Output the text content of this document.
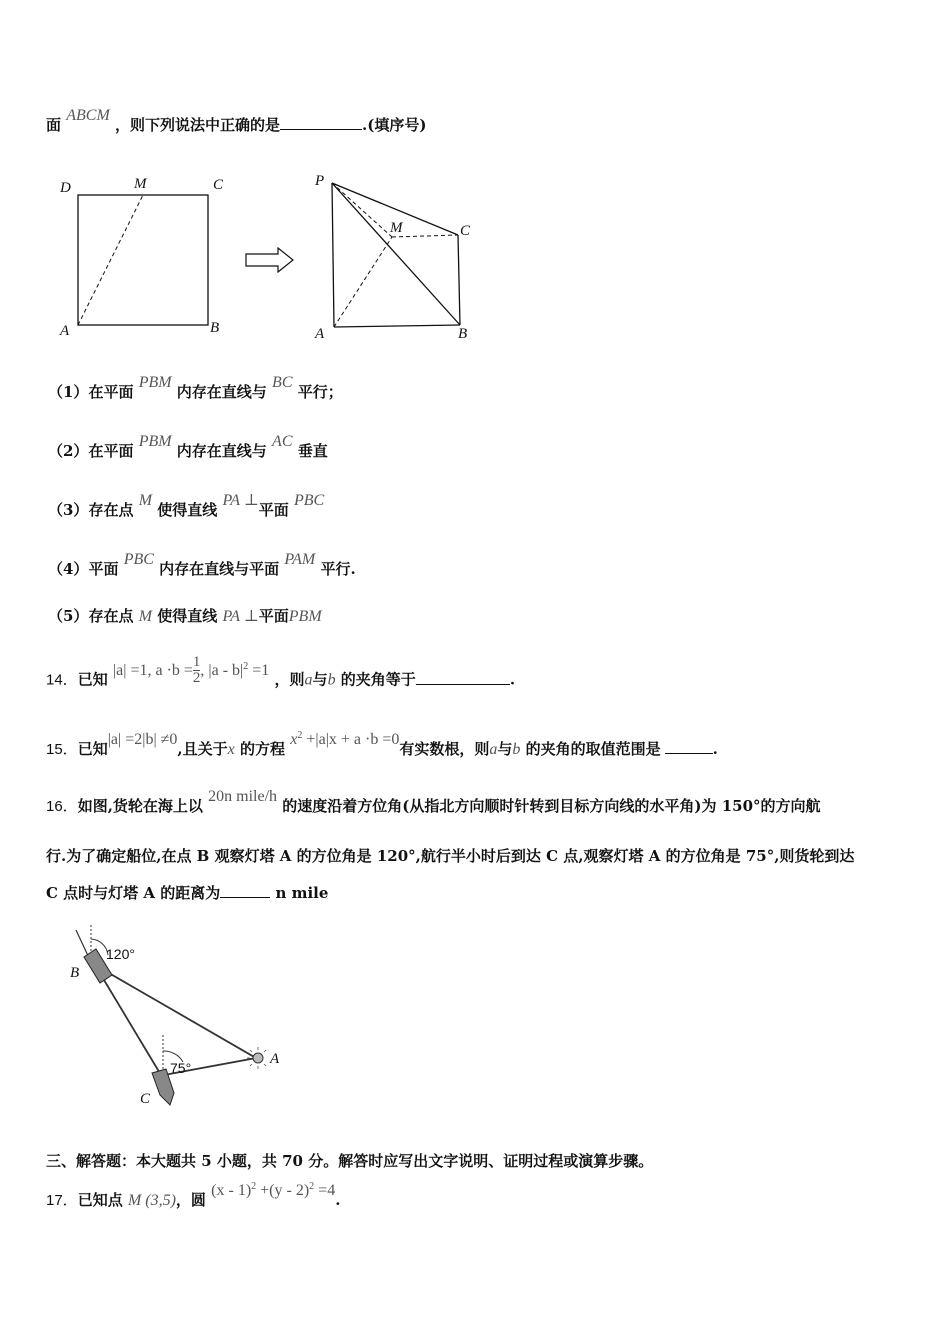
面 ABCM ，则下列说法中正确的是	.(填序号)
D	M	C
A	B
P
M	C
A	B
（1）在平面 PBM 内存在直线与 BC 平行；
（2）在平面 PBM 内存在直线与 AC 垂直
（3）存在点 M 使得直线 PA ⊥平面 PBC
（4）平面 PBC 内存在直线与平面 PAM 平行.
（5）存在点 M 使得直线 PA ⊥平面PBM
14．已知 |a| =1, $a \cdot b = \frac{1}{2}$ , $|a - b|^2 =1$ ，则a与b 的夹角等于	.
15．已知|a| =2|b| ≠0,且关于x 的方程 $x^2 +|a|x + a \cdot b =0$有实数根，则a与b 的夹角的取值范围是	.
16．如图,货轮在海上以 20n mile/h 的速度沿着方位角(从指北方向顺时针转到目标方向线的水平角)为 150°的方向航
行.为了确定船位,在点 B 观察灯塔 A 的方位角是 120°,航行半小时后到达 C 点,观察灯塔 A 的方位角是 75°,则货轮到达
C 点时与灯塔 A 的距离为	n mile
120°
75°
B
C
A
三、解答题：本大题共 5 小题，共 70 分。解答时应写出文字说明、证明过程或演算步骤。
17．已知点 M (3,5)，圆 (x - 1)$^2$ +(y - 2)$^2$ =4.
